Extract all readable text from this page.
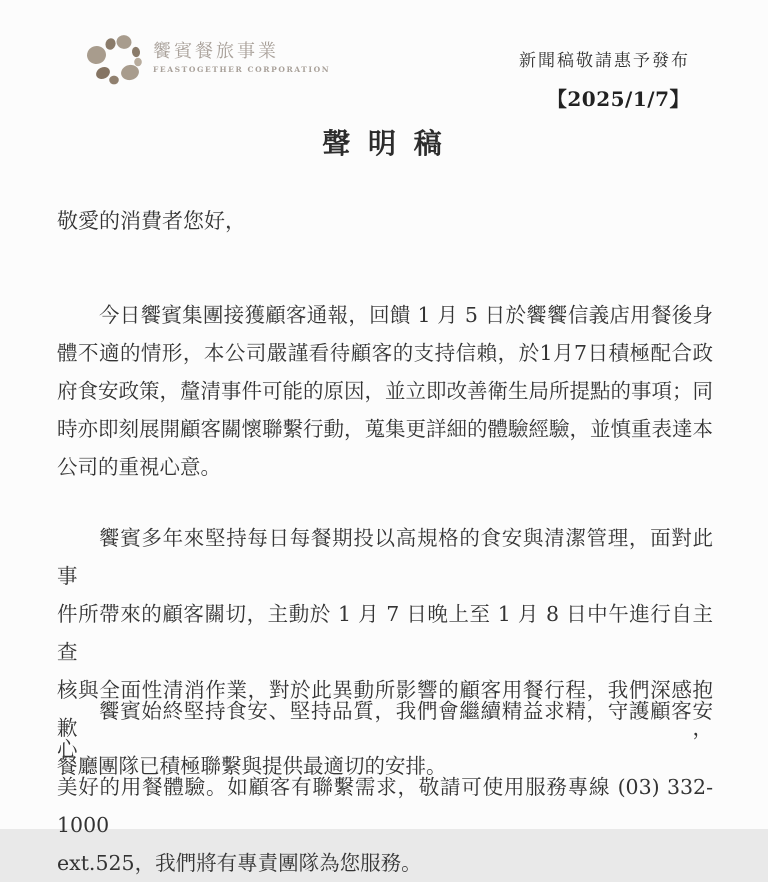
饗賓餐旅事業
FEASTOGETHER CORPORATION	新聞稿敬請惠予發布
【2025/1/7】
聲 明 稿
敬愛的消費者您好，
今日饗賓集團接獲顧客通報，回饋 1 月 5 日於饗饗信義店用餐後身
體不適的情形，本公司嚴謹看待顧客的支持信賴，於1月7日積極配合政
府食安政策，釐清事件可能的原因，並立即改善衛生局所提點的事項；同
時亦即刻展開顧客關懷聯繫行動，蒐集更詳細的體驗經驗，並慎重表達本
公司的重視心意。
饗賓多年來堅持每日每餐期投以高規格的食安與清潔管理，面對此事
件所帶來的顧客關切，主動於 1 月 7 日晚上至 1 月 8 日中午進行自主查
核與全面性清消作業，對於此異動所影響的顧客用餐行程，我們深感抱歉，
餐廳團隊已積極聯繫與提供最適切的安排。
饗賓始終堅持食安、堅持品質，我們會繼續精益求精，守護顧客安心
美好的用餐體驗。如顧客有聯繫需求，敬請可使用服務專線 (03) 332-1000
ext.525，我們將有專責團隊為您服務。
